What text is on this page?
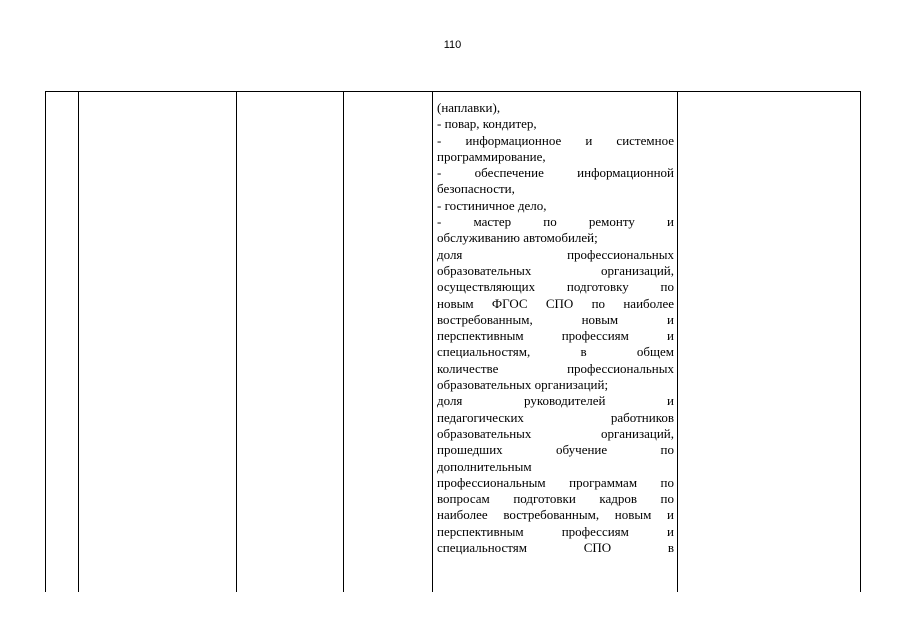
110
(наплавки),
- повар, кондитер,
- информационное и системное
программирование,
- обеспечение информационной
безопасности,
- гостиничное дело,
- мастер по ремонту и
обслуживанию автомобилей;
доля профессиональных
образовательных организаций,
осуществляющих подготовку по
новым ФГОС СПО по наиболее
востребованным, новым и
перспективным профессиям и
специальностям, в общем
количестве профессиональных
образовательных организаций;
доля руководителей и
педагогических работников
образовательных организаций,
прошедших обучение по
дополнительным
профессиональным программам по
вопросам подготовки кадров по
наиболее востребованным, новым и
перспективным профессиям и
специальностям СПО в
